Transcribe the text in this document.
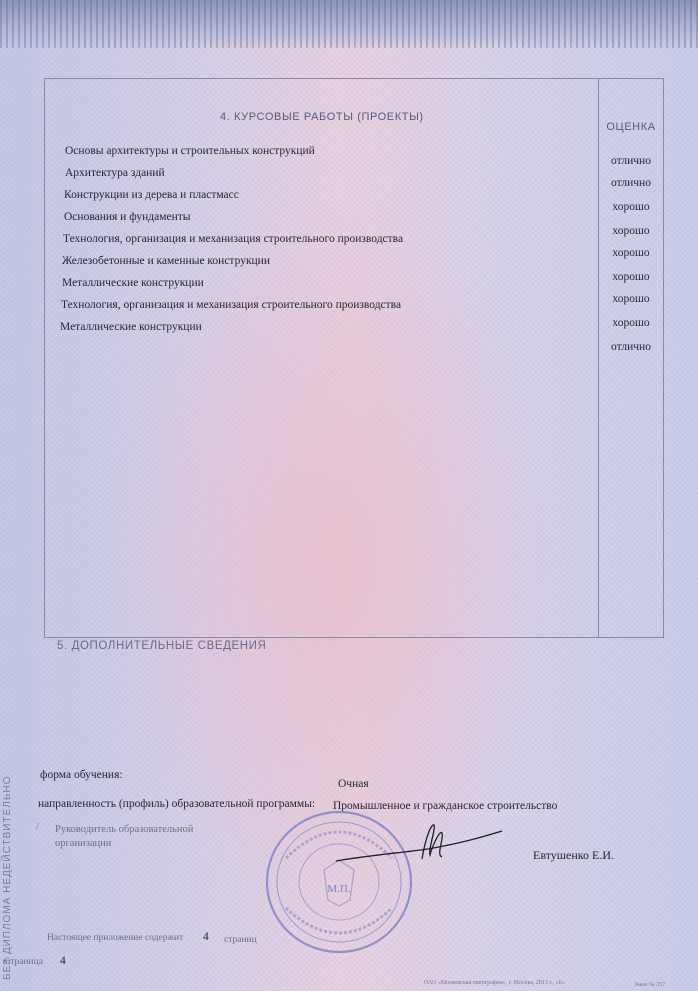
4. КУРСОВЫЕ РАБОТЫ (ПРОЕКТЫ)
ОЦЕНКА
Основы архитектуры и строительных конструкций
Архитектура зданий
Конструкции из дерева и пластмасс
Основания и фундаменты
Технология, организация и механизация строительного производства
Железобетонные и каменные конструкции
Металлические конструкции
Технология, организация и механизация строительного производства
Металлические конструкции
отлично
отлично
хорошо
хорошо
хорошо
хорошо
хорошо
хорошо
отлично
5. ДОПОЛНИТЕЛЬНЫЕ СВЕДЕНИЯ
БЕЗ ДИПЛОМА НЕДЕЙСТВИТЕЛЬНО
форма обучения:
Очная
направленность (профиль) образовательной программы: Промышленное и гражданское строительство
/ Руководитель образовательной
организации
М.П.
Евтушенко Е.И.
Настоящее приложение содержит 4 страниц
Страница 4
ОАО «Московская типография», г. Москва, 2013 г., «Б»	Заказ № 357
